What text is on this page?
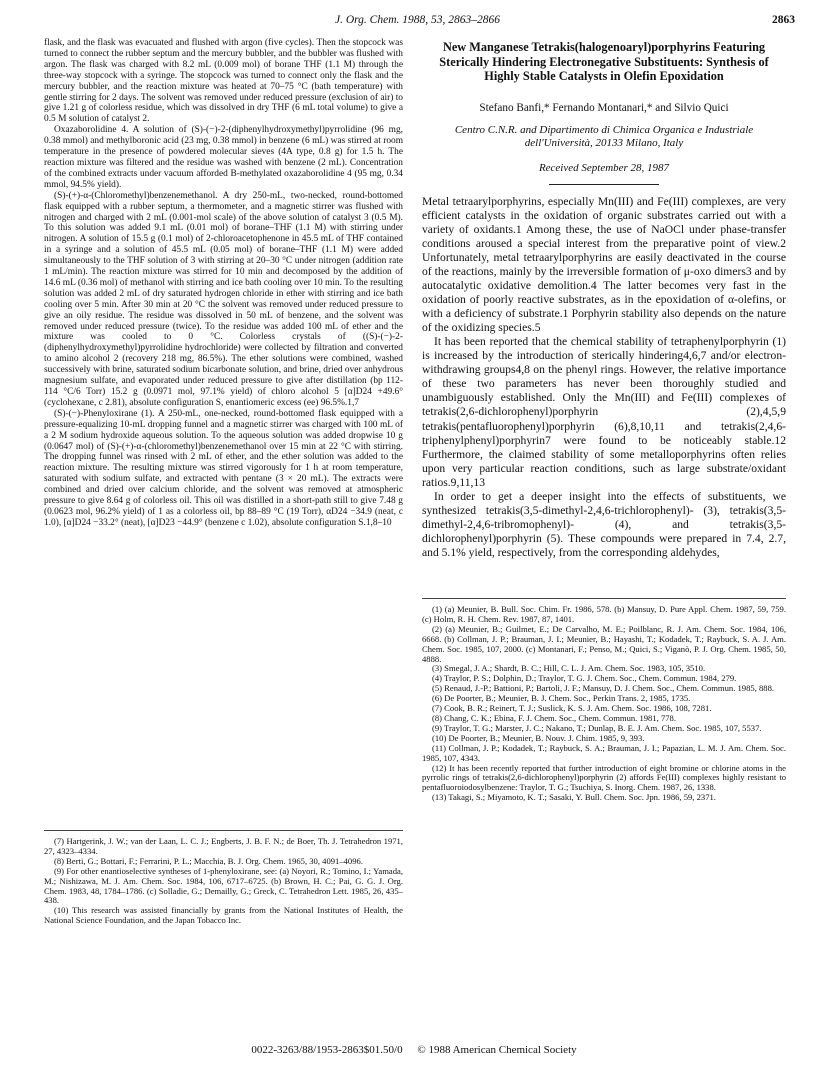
J. Org. Chem. 1988, 53, 2863–2866	2863

flask, and the flask was evacuated and flushed with argon (five cycles). Then the stopcock was turned to connect the rubber septum and the mercury bubbler, and the bubbler was flushed with argon. The flask was charged with 8.2 mL (0.009 mol) of borane THF (1.1 M) through the three-way stopcock with a syringe. The stopcock was turned to connect only the flask and the mercury bubbler, and the reaction mixture was heated at 70–75 °C (bath temperature) with gentle stirring for 2 days. The solvent was removed under reduced pressure (exclusion of air) to give 1.21 g of colorless residue, which was dissolved in dry THF (6 mL total volume) to give a 0.5 M solution of catalyst 2.

Oxazaborolidine 4. A solution of (S)-(−)-2-(diphenylhydroxymethyl)pyrrolidine (96 mg, 0.38 mmol) and methylboronic acid (23 mg, 0.38 mmol) in benzene (6 mL) was stirred at room temperature in the presence of powdered molecular sieves (4A type, 0.8 g) for 1.5 h. The reaction mixture was filtered and the residue was washed with benzene (2 mL). Concentration of the combined extracts under vacuum afforded B-methylated oxazaborolidine 4 (95 mg, 0.34 mmol, 94.5% yield).

(S)-(+)-α-(Chloromethyl)benzenemethanol. A dry 250-mL, two-necked, round-bottomed flask equipped with a rubber septum, a thermometer, and a magnetic stirrer was flushed with nitrogen and charged with 2 mL (0.001-mol scale) of the above solution of catalyst 3 (0.5 M). To this solution was added 9.1 mL (0.01 mol) of borane–THF (1.1 M) with stirring under nitrogen. A solution of 15.5 g (0.1 mol) of 2-chloroacetophenone in 45.5 mL of THF contained in a syringe and a solution of 45.5 mL (0.05 mol) of borane–THF (1.1 M) were added simultaneously to the THF solution of 3 with stirring at 20–30 °C under nitrogen (addition rate 1 mL/min). The reaction mixture was stirred for 10 min and decomposed by the addition of 14.6 mL (0.36 mol) of methanol with stirring and ice bath cooling over 10 min. To the resulting solution was added 2 mL of dry saturated hydrogen chloride in ether with stirring and ice bath cooling over 5 min. After 30 min at 20 °C the solvent was removed under reduced pressure to give an oily residue. The residue was dissolved in 50 mL of benzene, and the solvent was removed under reduced pressure (twice). To the residue was added 100 mL of ether and the mixture was cooled to 0 °C. Colorless crystals of ((S)-(−)-2-(diphenylhydroxymethyl)pyrrolidine hydrochloride) were collected by filtration and converted to amino alcohol 2 (recovery 218 mg, 86.5%). The ether solutions were combined, washed successively with brine, saturated sodium bicarbonate solution, and brine, dried over anhydrous magnesium sulfate, and evaporated under reduced pressure to give after distillation (bp 112-114 °C/6 Torr) 15.2 g (0.0971 mol, 97.1% yield) of chloro alcohol 5 [α]D24 +49.6° (cyclohexane, c 2.81), absolute configuration S, enantiomeric excess (ee) 96.5%.1,7

(S)-(−)-Phenyloxirane (1). A 250-mL, one-necked, round-bottomed flask equipped with a pressure-equalizing 10-mL dropping funnel and a magnetic stirrer was charged with 100 mL of a 2 M sodium hydroxide aqueous solution. To the aqueous solution was added dropwise 10 g (0.0647 mol) of (S)-(+)-α-(chloromethyl)benzenemethanol over 15 min at 22 °C with stirring. The dropping funnel was rinsed with 2 mL of ether, and the ether solution was added to the reaction mixture. The resulting mixture was stirred vigorously for 1 h at room temperature, saturated with sodium sulfate, and extracted with pentane (3 × 20 mL). The extracts were combined and dried over calcium chloride, and the solvent was removed at atmospheric pressure to give 8.64 g of colorless oil. This oil was distilled in a short-path still to give 7.48 g (0.0623 mol, 96.2% yield) of 1 as a colorless oil, bp 88–89 °C (19 Torr), αD24 −34.9 (neat, c 1.0), [α]D24 −33.2° (neat), [α]D23 −44.9° (benzene c 1.02), absolute configuration S.1,8–10

(7) Hartgerink, J. W.; van der Laan, L. C. J.; Engberts, J. B. F. N.; de Boer, Th. J. Tetrahedron 1971, 27, 4323–4334.

(8) Berti, G.; Bottari, F.; Ferrarini, P. L.; Macchia, B. J. Org. Chem. 1965, 30, 4091–4096.

(9) For other enantioselective syntheses of 1-phenyloxirane, see: (a) Noyori, R.; Tomino, I.; Yamada, M.; Nishizawa, M. J. Am. Chem. Soc. 1984, 106, 6717–6725. (b) Brown, H. C.; Pai, G. G. J. Org. Chem. 1983, 48, 1784–1786. (c) Solladie, G.; Demailly, G.; Greck, C. Tetrahedron Lett. 1985, 26, 435–438.

(10) This research was assisted financially by grants from the National Institutes of Health, the National Science Foundation, and the Japan Tobacco Inc.

New Manganese Tetrakis(halogenoaryl)porphyrins Featuring Sterically Hindering Electronegative Substituents: Synthesis of Highly Stable Catalysts in Olefin Epoxidation
Stefano Banfi,* Fernando Montanari,* and Silvio Quici
Centro C.N.R. and Dipartimento di Chimica Organica e Industriale dell'Università, 20133 Milano, Italy
Received September 28, 1987

Metal tetraarylporphyrins, especially Mn(III) and Fe(III) complexes, are very efficient catalysts in the oxidation of organic substrates carried out with a variety of oxidants.1 Among these, the use of NaOCl under phase-transfer conditions aroused a special interest from the preparative point of view.2 Unfortunately, metal tetraarylporphyrins are easily deactivated in the course of the reactions, mainly by the irreversible formation of μ-oxo dimers3 and by autocatalytic oxidative demolition.4 The latter becomes very fast in the oxidation of poorly reactive substrates, as in the epoxidation of α-olefins, or with a deficiency of substrate.1 Porphyrin stability also depends on the nature of the oxidizing species.5

It has been reported that the chemical stability of tetraphenylporphyrin (1) is increased by the introduction of sterically hindering4,6,7 and/or electron-withdrawing groups4,8 on the phenyl rings. However, the relative importance of these two parameters has never been thoroughly studied and unambiguously established. Only the Mn(III) and Fe(III) complexes of tetrakis(2,6-dichlorophenyl)porphyrin (2),4,5,9 tetrakis(pentafluorophenyl)porphyrin (6),8,10,11 and tetrakis(2,4,6-triphenylphenyl)porphyrin7 were found to be noticeably stable.12 Furthermore, the claimed stability of some metalloporphyrins often relies upon very particular reaction conditions, such as large substrate/oxidant ratios.9,11,13

In order to get a deeper insight into the effects of substituents, we synthesized tetrakis(3,5-dimethyl-2,4,6-trichlorophenyl)- (3), tetrakis(3,5-dimethyl-2,4,6-tribromophenyl)- (4), and tetrakis(3,5-dichlorophenyl)porphyrin (5). These compounds were prepared in 7.4, 2.7, and 5.1% yield, respectively, from the corresponding aldehydes,

(1) (a) Meunier, B. Bull. Soc. Chim. Fr. 1986, 578. (b) Mansuy, D. Pure Appl. Chem. 1987, 59, 759. (c) Holm, R. H. Chem. Rev. 1987, 87, 1401.

(2) (a) Meunier, B.; Guilmet, E.; De Carvalho, M. E.; Poilblanc, R. J. Am. Chem. Soc. 1984, 106, 6668. (b) Collman, J. P.; Brauman, J. I.; Meunier, B.; Hayashi, T.; Kodadek, T.; Raybuck, S. A. J. Am. Chem. Soc. 1985, 107, 2000. (c) Montanari, F.; Penso, M.; Quici, S.; Viganò, P. J. Org. Chem. 1985, 50, 4888.

(3) Smegal, J. A.; Shardt, B. C.; Hill, C. L. J. Am. Chem. Soc. 1983, 105, 3510.

(4) Traylor, P. S.; Dolphin, D.; Traylor, T. G. J. Chem. Soc., Chem. Commun. 1984, 279.

(5) Renaud, J.-P.; Battioni, P.; Bartoli, J. F.; Mansuy, D. J. Chem. Soc., Chem. Commun. 1985, 888.

(6) De Poorter, B.; Meunier, B. J. Chem. Soc., Perkin Trans. 2, 1985, 1735.

(7) Cook, B. R.; Reinert, T. J.; Suslick, K. S. J. Am. Chem. Soc. 1986, 108, 7281.

(8) Chang, C. K.; Ebina, F. J. Chem. Soc., Chem. Commun. 1981, 778.

(9) Traylor, T. G.; Marster, J. C.; Nakano, T.; Dunlap, B. E. J. Am. Chem. Soc. 1985, 107, 5537.

(10) De Poorter, B.; Meunier, B. Nouv. J. Chim. 1985, 9, 393.

(11) Collman, J. P.; Kodadek, T.; Raybuck, S. A.; Brauman, J. I.; Papazian, L. M. J. Am. Chem. Soc. 1985, 107, 4343.

(12) It has been recently reported that further introduction of eight bromine or chlorine atoms in the pyrrolic rings of tetrakis(2,6-dichlorophenyl)porphyrin (2) affords Fe(III) complexes highly resistant to pentafluoroiodosylbenzene: Traylor, T. G.; Tsuchiya, S. Inorg. Chem. 1987, 26, 1338.

(13) Takagi, S.; Miyamoto, K. T.; Sasaki, Y. Bull. Chem. Soc. Jpn. 1986, 59, 2371.

0022-3263/88/1953-2863$01.50/0 © 1988 American Chemical Society
